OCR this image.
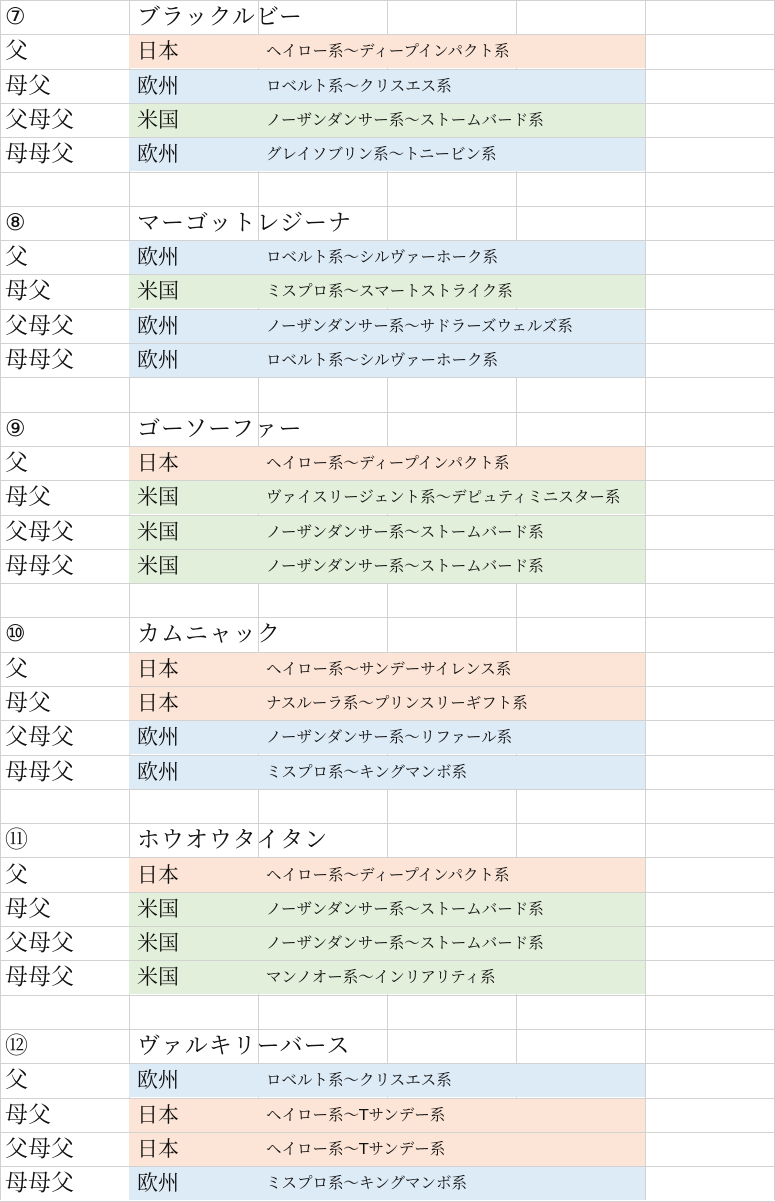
⑦	ブラックルビー
父	日本	ヘイロー系～ディープインパクト系
母父	欧州	ロベルト系～クリスエス系
父母父	米国	ノーザンダンサー系～ストームバード系
母母父	欧州	グレイソブリン系～トニービン系
⑧	マーゴットレジーナ
父	欧州	ロベルト系～シルヴァーホーク系
母父	米国	ミスプロ系～スマートストライク系
父母父	欧州	ノーザンダンサー系～サドラーズウェルズ系
母母父	欧州	ロベルト系～シルヴァーホーク系
⑨	ゴーソーファー
父	日本	ヘイロー系～ディープインパクト系
母父	米国	ヴァイスリージェント系～デピュティミニスター系
父母父	米国	ノーザンダンサー系～ストームバード系
母母父	米国	ノーザンダンサー系～ストームバード系
⑩	カムニャック
父	日本	ヘイロー系～サンデーサイレンス系
母父	日本	ナスルーラ系～プリンスリーギフト系
父母父	欧州	ノーザンダンサー系～リファール系
母母父	欧州	ミスプロ系～キングマンボ系
⑪	ホウオウタイタン
父	日本	ヘイロー系～ディープインパクト系
母父	米国	ノーザンダンサー系～ストームバード系
父母父	米国	ノーザンダンサー系～ストームバード系
母母父	米国	マンノオー系～インリアリティ系
⑫	ヴァルキリーバース
父	欧州	ロベルト系～クリスエス系
母父	日本	ヘイロー系～Tサンデー系
父母父	日本	ヘイロー系～Tサンデー系
母母父	欧州	ミスプロ系～キングマンボ系
